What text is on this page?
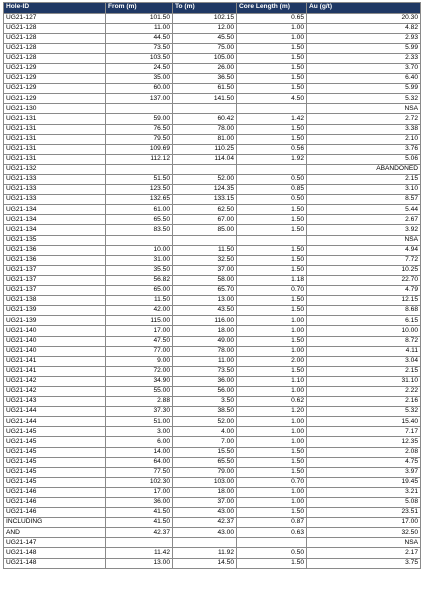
Hole-ID	From (m)	To (m)	Core Length (m)	Au (g/t)
UG21-127	101.50	102.15	0.65	20.30
UG21-128	11.00	12.00	1.00	4.82
UG21-128	44.50	45.50	1.00	2.93
UG21-128	73.50	75.00	1.50	5.99
UG21-128	103.50	105.00	1.50	2.33
UG21-129	24.50	26.00	1.50	3.70
UG21-129	35.00	36.50	1.50	6.40
UG21-129	60.00	61.50	1.50	5.99
UG21-129	137.00	141.50	4.50	5.32
UG21-130				NSA
UG21-131	59.00	60.42	1.42	2.72
UG21-131	76.50	78.00	1.50	3.38
UG21-131	79.50	81.00	1.50	2.10
UG21-131	109.69	110.25	0.56	3.76
UG21-131	112.12	114.04	1.92	5.06
UG21-132				ABANDONED
UG21-133	51.50	52.00	0.50	2.15
UG21-133	123.50	124.35	0.85	3.10
UG21-133	132.65	133.15	0.50	8.57
UG21-134	61.00	62.50	1.50	5.44
UG21-134	65.50	67.00	1.50	2.67
UG21-134	83.50	85.00	1.50	3.92
UG21-135				NSA
UG21-136	10.00	11.50	1.50	4.94
UG21-136	31.00	32.50	1.50	7.72
UG21-137	35.50	37.00	1.50	10.25
UG21-137	56.82	58.00	1.18	22.70
UG21-137	65.00	65.70	0.70	4.79
UG21-138	11.50	13.00	1.50	12.15
UG21-139	42.00	43.50	1.50	8.68
UG21-139	115.00	116.00	1.00	6.15
UG21-140	17.00	18.00	1.00	10.00
UG21-140	47.50	49.00	1.50	8.72
UG21-140	77.00	78.00	1.00	4.11
UG21-141	9.00	11.00	2.00	3.04
UG21-141	72.00	73.50	1.50	2.15
UG21-142	34.90	36.00	1.10	31.10
UG21-142	55.00	56.00	1.00	2.22
UG21-143	2.88	3.50	0.62	2.16
UG21-144	37.30	38.50	1.20	5.32
UG21-144	51.00	52.00	1.00	15.40
UG21-145	3.00	4.00	1.00	7.17
UG21-145	6.00	7.00	1.00	12.35
UG21-145	14.00	15.50	1.50	2.08
UG21-145	64.00	65.50	1.50	4.75
UG21-145	77.50	79.00	1.50	3.97
UG21-145	102.30	103.00	0.70	19.45
UG21-146	17.00	18.00	1.00	3.21
UG21-146	36.00	37.00	1.00	5.08
UG21-146	41.50	43.00	1.50	23.51
INCLUDING	41.50	42.37	0.87	17.00
AND	42.37	43.00	0.63	32.50
UG21-147				NSA
UG21-148	11.42	11.92	0.50	2.17
UG21-148	13.00	14.50	1.50	3.75
